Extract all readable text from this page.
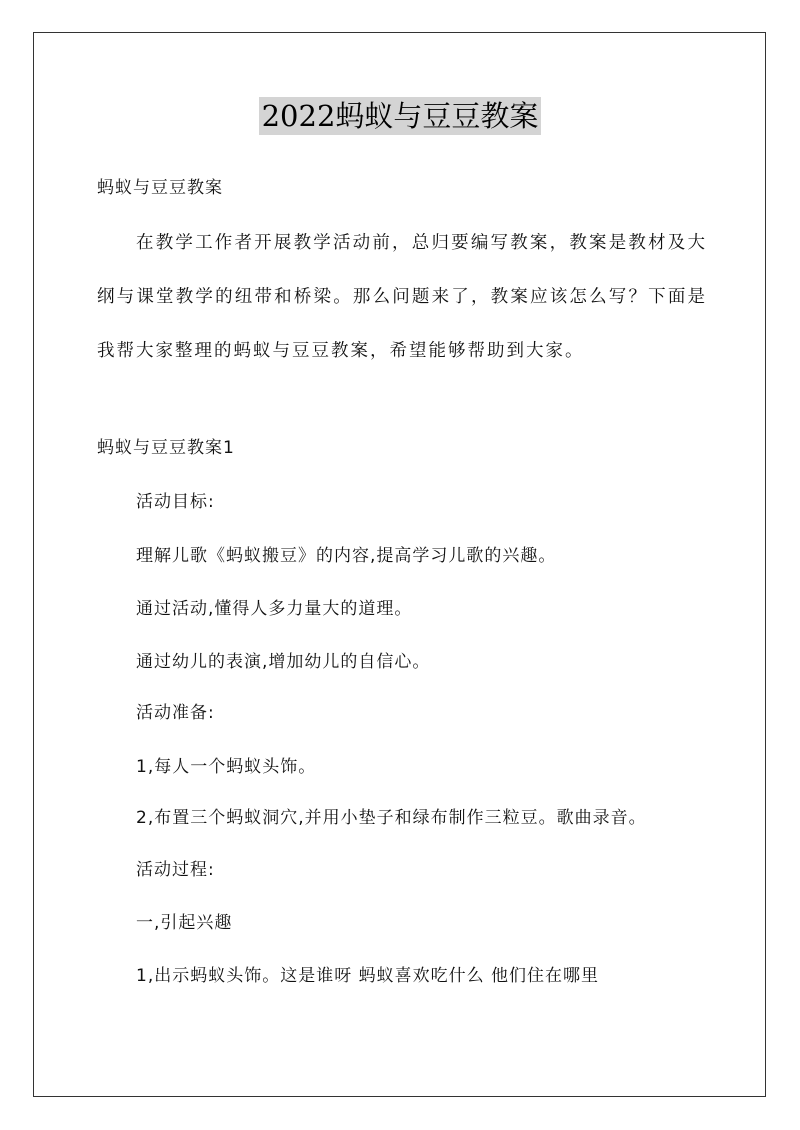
2022蚂蚁与豆豆教案
蚂蚁与豆豆教案
在教学工作者开展教学活动前，总归要编写教案，教案是教材及大纲与课堂教学的纽带和桥梁。那么问题来了，教案应该怎么写？下面是我帮大家整理的蚂蚁与豆豆教案，希望能够帮助到大家。
蚂蚁与豆豆教案1
活动目标:
理解儿歌《蚂蚁搬豆》的内容,提高学习儿歌的兴趣。
通过活动,懂得人多力量大的道理。
通过幼儿的表演,增加幼儿的自信心。
活动准备:
1,每人一个蚂蚁头饰。
2,布置三个蚂蚁洞穴,并用小垫子和绿布制作三粒豆。歌曲录音。
活动过程:
一,引起兴趣
1,出示蚂蚁头饰。这是谁呀 蚂蚁喜欢吃什么 他们住在哪里
